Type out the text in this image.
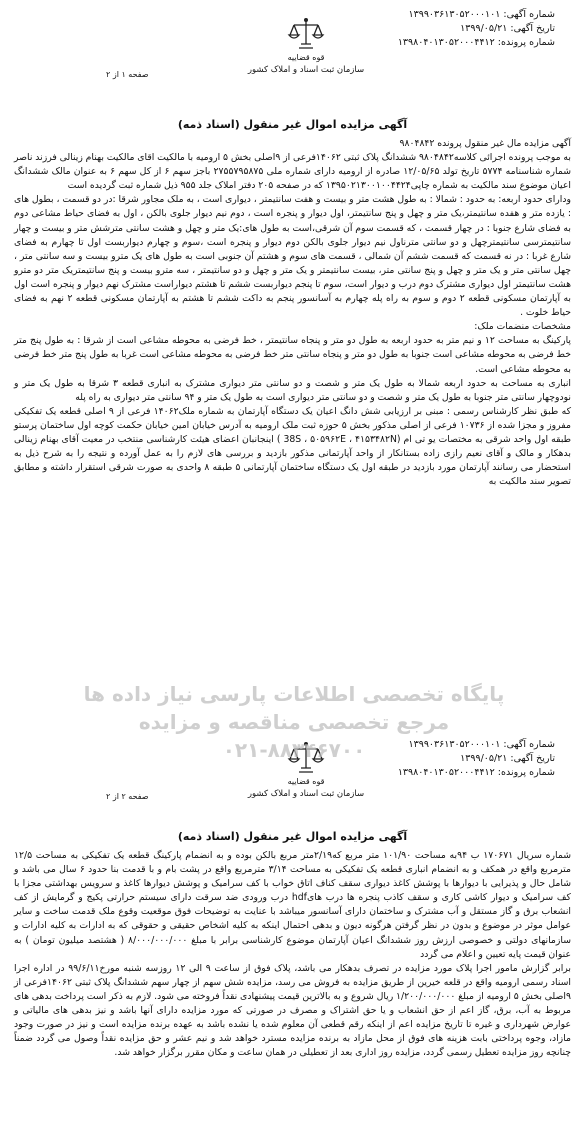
شماره آگهی: ۱۳۹۹۰۳۶۱۳۰۵۲۰۰۰۱۰۱
تاریخ آگهی: ۱۳۹۹/۰۵/۲۱
شماره پرونده: ۱۳۹۸۰۴۰۱۳۰۵۲۰۰۰۴۴۱۲
قوه قضاییه
سازمان ثبت اسناد و املاک کشور
صفحه ۱ از ۲
آگهی مزایده اموال غیر منقول (اسناد ذمه)

آگهی مزایده مال غیر منقول پرونده ۹۸۰۴۸۴۲

به موجب پرونده اجرائی کلاسه۹۸۰۴۸۴۲ ششدانگ پلاک ثبتی ۱۴۰۶۲فرعی از ۹اصلی بخش ۵ ارومیه با مالکیت اقای مالکیت بهنام زینالی فرزند ناصر شماره شناسنامه ۵۷۷۴ تاریخ تولد ۱۲/۰۵/۶۵ صادره از ارومیه دارای شماره ملی ۲۷۵۵۷۹۵۸۷۵ باجز سهم ۶ از کل سهم ۶ به عنوان مالک ششدانگ اعیان موضوع سند مالکیت به شماره چاپی۱۳۹۵۰۲۱۳۰۰۱۰۰۴۴۲۴ که در صفحه ۲۰۵ دفتر املاک جلد ۹۵۵ ذیل شماره ثبت گردیده است

ودارای حدود اربعه: به حدود : شمالا : به طول هشت متر و بیست و هفت سانتیمتر ، دیواری است ، به ملک مجاور شرقا :در دو قسمت ، بطول های : یازده متر و هفده سانتیمتر،یک متر و چهل و پنج سانتیمتر، اول دیوار و پنجره است ، دوم نیم دیوار جلوی بالکن ، اول به فضای حیاط مشاعی دوم به فضای شارع جنوبا : در چهار قسمت ، که قسمت سوم آن شرقی،است به طول های:یک متر و چهل و هشت سانتی مترشش متر و بیست و چهار سانتیمترسی سانتیمترچهل و دو سانتی مترناول نیم دیوار جلوی بالکن دوم دیوار و پنجره است ،سوم و چهارم دیواربست اول تا چهارم به فضای شارع غربا : در نه قسمت که قسمت ششم آن شمالی ، قسمت های سوم و هشتم آن جنوبی است به طول های یک مترو بیست و سه سانتی متر ، چهل سانتی متر و یک متر و چهل و پنج سانتی متر، بیست سانتیمتر و یک متر و چهل و دو سانتیمتر ، سه مترو بیست و پنج سانتیمتریک متر دو مترو هشت سانتیمتر اول دیواری مشترک دوم درب و دیوار است، سوم تا پنجم دیواربست ششم تا هشتم دیواراست مشترک نهم دیوار و پنجره است اول به آپارتمان مسکونی قطعه ۲ دوم و سوم به راه پله چهارم به آسانسور پنجم به داکت ششم تا هشتم به آپارتمان مسکونی قطعه ۲ نهم به فضای حیاط خلوت .

مشخصات منضمات ملک:

پارکینگ به مساحت ۱۲ و نیم متر به حدود اربعه به طول دو متر و پنجاه سانتیمتر ، خط فرضی به محوطه مشاعی است از شرقا : به طول پنج متر خط فرضی به محوطه مشاعی است جنوبا به طول دو متر و پنجاه سانتی متر خط فرضی به محوطه مشاعی است غربا به طول پنج متر خط فرضی به محوطه مشاعی است.

انباری به مساحت به حدود اربعه شمالا به طول یک متر و شصت و دو سانتی متر دیواری مشترک به انباری قطعه ۳ شرقا به طول یک متر و نودوچهار سانتی متر جنوبا به طول یک متر و شصت و دو سانتی متر دیواری است به طول یک متر و ۹۴ سانتی متر دیواری به راه پله

که طبق نظر کارشناس رسمی : مبنی بر ارزیابی شش دانگ اعیان یک دستگاه آپارتمان به شماره ملک۱۴۰۶۲ فرعی از ۹ اصلی قطعه یک تفکیکی مفروز و مجزا شده از ۱۰۷۳۶ فرعی از اصلی مذکور بخش ۵ حوزه ثبت ملک ارومیه به آدرس خیابان امین خیابان حکمت کوچه اول ساختمان پرستو طبقه اول واحد شرقی به مختصات یو تی ام (38S ، ۵۰۵۹۶۲E ، ۴۱۵۳۴۸۲N ) اینجانبان اعضای هیئت کارشناسی منتخب در معیت آقای بهنام زینالی بدهکار و مالک و آقای نعیم رازی زاده بستانکار از واحد آپارتمانی مذکور بازدید و بررسی های لازم را به عمل آورده و نتیجه را به شرح ذیل به استحضار می رسانند آپارتمان مورد بازدید در طبقه اول یک دستگاه ساختمان آپارتمانی ۵ طبقه ۸ واحدی به صورت شرقی استقرار داشته و مطابق تصویر سند مالکیت به

پایگاه تخصصی اطلاعات پارسی نیاز داده ها
مرجع تخصصی مناقصه و مزایده
۰۲۱-۸۸۳۴۶۷۰۰	شماره آگهی: ۱۳۹۹۰۳۶۱۳۰۵۲۰۰۰۱۰۱
تاریخ آگهی: ۱۳۹۹/۰۵/۲۱
شماره پرونده: ۱۳۹۸۰۴۰۱۳۰۵۲۰۰۰۴۴۱۲
قوه قضاییه
سازمان ثبت اسناد و املاک کشور
صفحه ۲ از ۲
آگهی مزایده اموال غیر منقول (اسناد ذمه)

شماره سریال ۱۷۰۶۷۱ ب ۹۴به مساحت ۱۰۱/۹۰ متر مربع که۲/۱۹متر مربع بالکن بوده و به انضمام پارکینگ قطعه یک تفکیکی به مساحت ۱۲/۵ مترمربع واقع در همکف و به انضمام انباری قطعه یک تفکیکی به مساحت ۳/۱۴ مترمربع واقع در پشت بام و با قدمت بنا حدود ۶ سال می باشد و شامل حال و پذیرایی با دیوارها با پوشش کاغذ دیواری سقف کناف اتاق خواب با کف سرامیک و پوشش دیوارها کاغذ و سرویس بهداشتی مجزا با کف سرامیک و دیوار کاشی کاری و سقف کاذب پنجره ها درب هایhdf درب ورودی ضد سرقت دارای سیستم حرارتی پکیج و گرمایش از کف انشعاب برق و گاز مستقل و آب مشترک و ساختمان دارای آسانسور میباشد با عنایت به توضیحات فوق موقعیت وقوع ملک قدمت ساخت و سایر عوامل موثر در موضوع و بدون در نظر گرفتن هرگونه دیون و بدهی احتمال اینکه به کلیه اشخاص حقیقی و حقوقی که به ادارات به کلیه ادارات و سازمانهای دولتی و خصوصی ارزش روز ششدانگ اعیان آپارتمان موضوع کارشناسی برابر با مبلغ ۸/۰۰۰/۰۰۰/۰۰۰ ( هشتصد میلیون تومان ) به عنوان قیمت پایه تعیین و اعلام می گردد

برابر گزارش مامور اجرا پلاک مورد مزایده در تصرف بدهکار می باشد، پلاک فوق از ساعت ۹ الی ۱۲ روزسه شنبه مورخ۹۹/۶/۱۱ در اداره اجرا اسناد رسمی ارومیه واقع در قلعه خیرین از طریق مزایده به فروش می رسد، مزایده شش سهم از چهار سهم ششدانگ پلاک ثبتی ۱۴۰۶۲فرعی از ۹اصلی بخش ۵ ارومیه از مبلغ ۱/۲۰۰/۰۰۰/۰۰۰ ریال شروع و به بالاترین قیمت پیشنهادی نقداً فروخته می شود. لازم به ذکر است پرداخت بدهی های مربوط به آب، برق، گاز اعم از حق انشعاب و یا حق اشتراک و مصرف در صورتی که مورد مزایده دارای آنها باشد و نیز بدهی های مالیاتی و عوارض شهرداری و غیره تا تاریخ مزایده اعم از اینکه رقم قطعی آن معلوم شده یا نشده باشد به عهده برنده مزایده است و نیز در صورت وجود مازاد، وجوه پرداختی بابت هزینه های فوق از محل مازاد به برنده مزایده مسترد خواهد شد و نیم عشر و حق مزایده نقداً وصول می گردد ضمناً چنانچه روز مزایده تعطیل رسمی گردد، مزایده روز اداری بعد از تعطیلی در همان ساعت و مکان مقرر برگزار خواهد شد.
